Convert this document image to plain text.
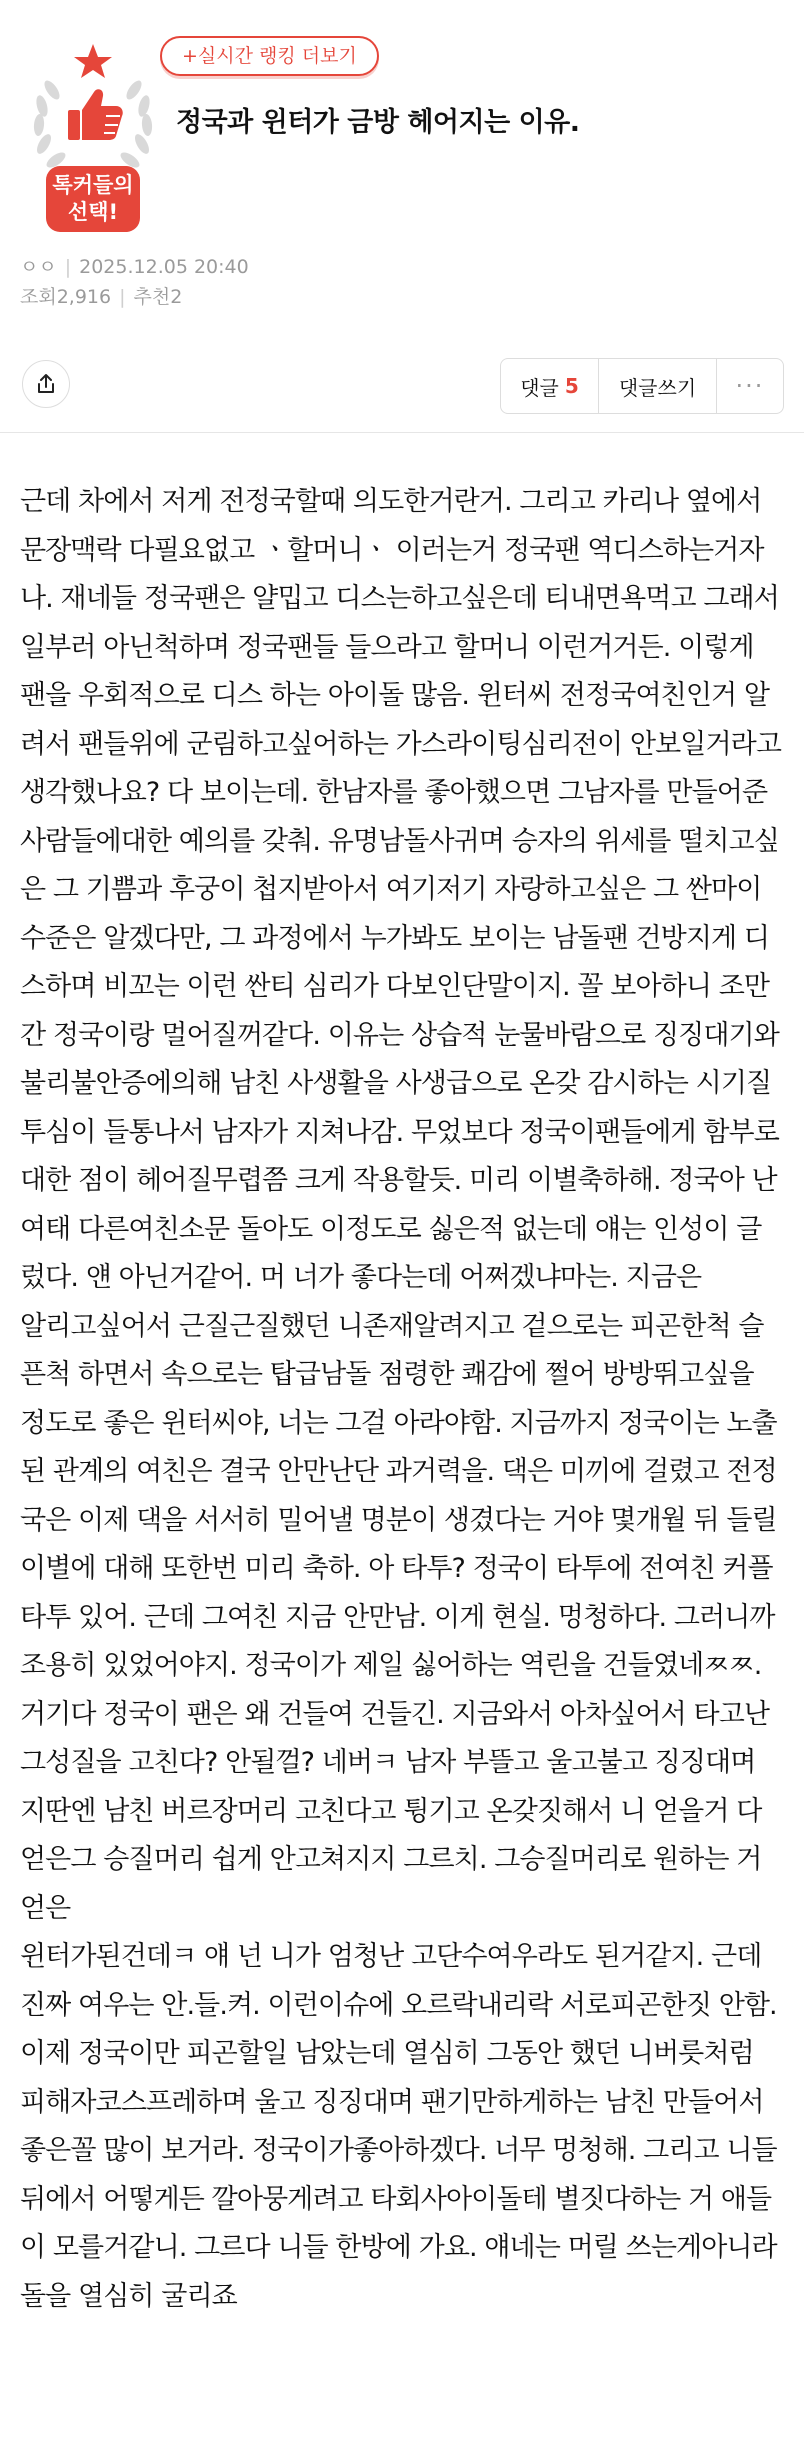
톡커들의
선택!
+실시간 랭킹 더보기
정국과 윈터가 금방 헤어지는 이유.
ㅇㅇ | 2025.12.05 20:40
조회2,916 | 추천2
댓글 5	댓글쓰기	···

근데 차에서 저게 전정국할때 의도한거란거. 그리고 카리나 옆에서 문장맥락 다필요없고 ㆍ할머니ㆍ 이러는거 정국팬 역디스하는거자나. 재네들 정국팬은 얄밉고 디스는하고싶은데 티내면욕먹고 그래서 일부러 아닌척하며 정국팬들 들으라고 할머니 이런거거든. 이렇게 팬을 우회적으로 디스 하는 아이돌 많음. 윈터씨 전정국여친인거 알려서 팬들위에 군림하고싶어하는 가스라이팅심리전이 안보일거라고 생각했나요? 다 보이는데. 한남자를 좋아했으면 그남자를 만들어준 사람들에대한 예의를 갖춰. 유명남돌사귀며 승자의 위세를 떨치고싶은 그 기쁨과 후궁이 첩지받아서 여기저기 자랑하고싶은 그 싼마이 수준은 알겠다만, 그 과정에서 누가봐도 보이는 남돌팬 건방지게 디스하며 비꼬는 이런 싼티 심리가 다보인단말이지. 꼴 보아하니 조만간 정국이랑 멀어질꺼같다. 이유는 상습적 눈물바람으로 징징대기와 불리불안증에의해 남친 사생활을 사생급으로 온갖 감시하는 시기질투심이 들통나서 남자가 지쳐나감. 무었보다 정국이팬들에게 함부로 대한 점이 헤어질무렵쯤 크게 작용할듯. 미리 이별축하해. 정국아 난 여태 다른여친소문 돌아도 이정도로 싫은적 없는데 얘는 인성이 글렀다. 얜 아닌거같어. 머 너가 좋다는데 어쩌겠냐마는. 지금은

알리고싶어서 근질근질했던 니존재알려지고 겉으로는 피곤한척 슬픈척 하면서 속으로는 탑급남돌 점령한 쾌감에 쩔어 방방뛰고싶을 정도로 좋은 윈터씨야, 너는 그걸 아라야함. 지금까지 정국이는 노출된 관계의 여친은 결국 안만난단 과거력을. 댁은 미끼에 걸렸고 전정국은 이제 댁을 서서히 밀어낼 명분이 생겼다는 거야 몇개월 뒤 들릴 이별에 대해 또한번 미리 축하. 아 타투? 정국이 타투에 전여친 커플 타투 있어. 근데 그여친 지금 안만남. 이게 현실. 멍청하다. 그러니까 조용히 있었어야지. 정국이가 제일 싫어하는 역린을 건들였네ㅉㅉ. 거기다 정국이 팬은 왜 건들여 건들긴. 지금와서 아차싶어서 타고난 그성질을 고친다? 안될껄? 네버ㅋ 남자 부뜰고 울고불고 징징대며 지딴엔 남친 버르장머리 고친다고 튕기고 온갖짓해서 니 얻을거 다 얻은그 승질머리 쉽게 안고쳐지지 그르치. 그승질머리로 원하는 거 얻은

윈터가된건데ㅋ 얘 넌 니가 엄청난 고단수여우라도 된거같지. 근데 진짜 여우는 안.들.켜. 이런이슈에 오르락내리락 서로피곤한짓 안함. 이제 정국이만 피곤할일 남았는데 열심히 그동안 했던 니버릇처럼 피해자코스프레하며 울고 징징대며 팬기만하게하는 남친 만들어서 좋은꼴 많이 보거라. 정국이가좋아하겠다. 너무 멍청해. 그리고 니들 뒤에서 어떻게든 깔아뭉게려고 타회사아이돌테 별짓다하는 거 애들이 모를거같니. 그르다 니들 한방에 가요. 얘네는 머릴 쓰는게아니라 돌을 열심히 굴리죠
